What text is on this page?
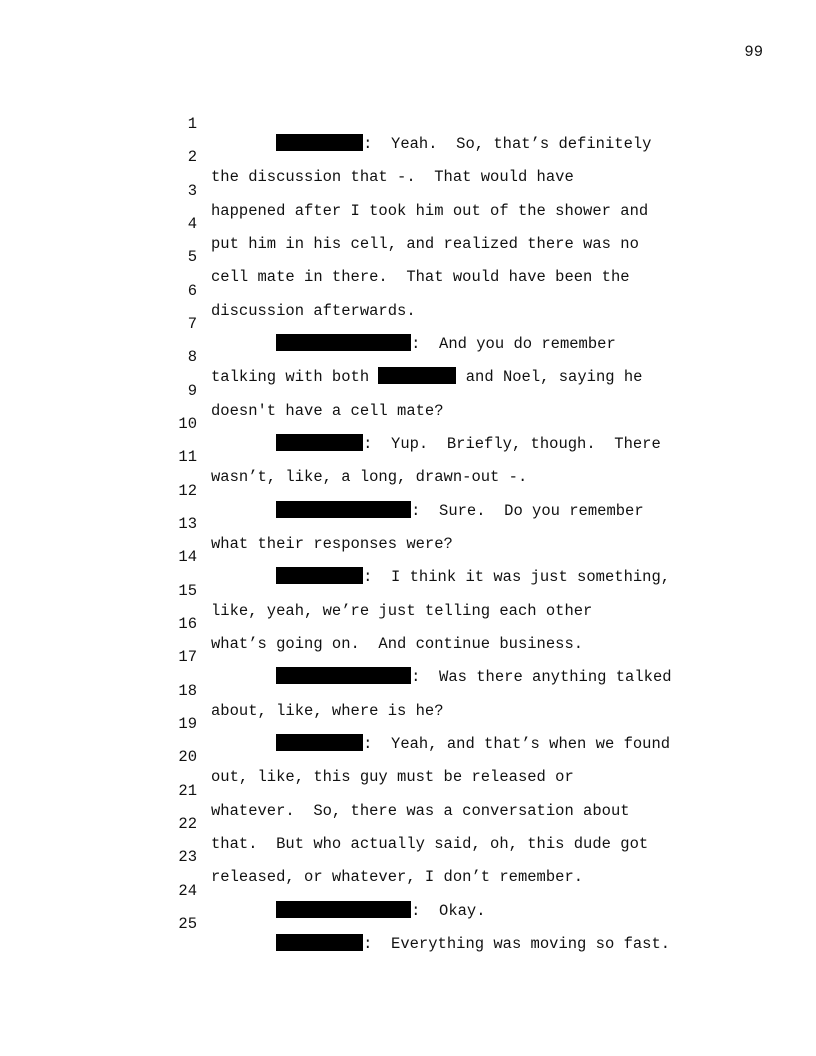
99

1

:  Yeah.  So, that’s definitely

2

the discussion that -.  That would have

3

happened after I took him out of the shower and

4

put him in his cell, and realized there was no

5

cell mate in there.  That would have been the

6

discussion afterwards.

7

:  And you do remember

8

talking with both	and Noel, saying he

9

doesn't have a cell mate?

10

:  Yup.  Briefly, though.  There

11

wasn’t, like, a long, drawn-out -.

12

:  Sure.  Do you remember

13

what their responses were?

14

:  I think it was just something,

15

like, yeah, we’re just telling each other

16

what’s going on.  And continue business.

17

:  Was there anything talked

18

about, like, where is he?

19

:  Yeah, and that’s when we found

20

out, like, this guy must be released or

21

whatever.  So, there was a conversation about

22

that.  But who actually said, oh, this dude got

23

released, or whatever, I don’t remember.

24

:  Okay.

25

:  Everything was moving so fast.
